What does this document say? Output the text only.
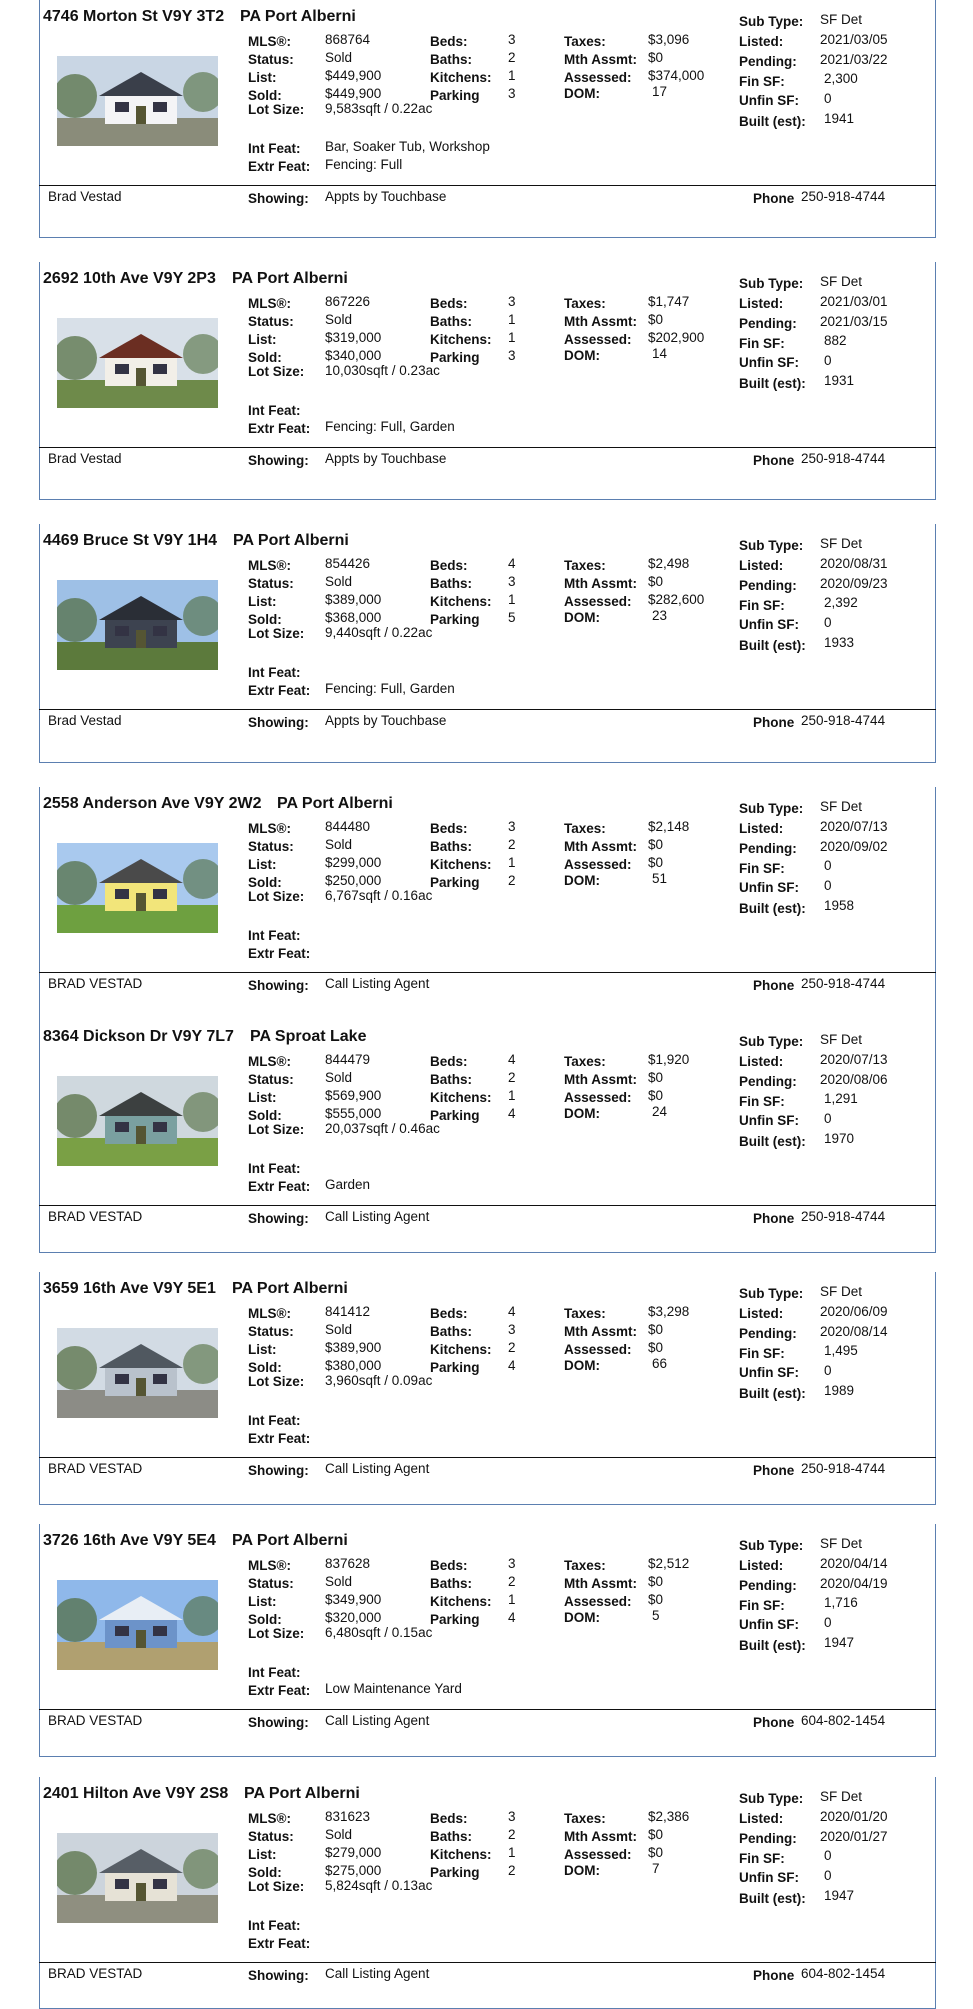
4746 Morton St V9Y 3T2
MLS®:	868764
Status: Sold
List:	$449,900
Sold:	$449,900
Lot Size: 9,583sqft / 0.22ac
Beds:	3
Baths:	2
Kitchens: 1
Parking 3
Taxes:	$3,096
Mth Assmt: $0
Assessed: $374,000
DOM:	17
Sub Type: SF Det
Listed:	2021/03/05
Pending: 2021/03/22
Fin SF:	2,300
Unfin SF: 0
Built (est): 1941
Int Feat: Bar, Soaker Tub, Workshop
Extr Feat: Fencing: Full
Brad Vestad	Showing: Appts by Touchbase	Phone 250-918-4744
PA Port Alberni
2692 10th Ave V9Y 2P3
MLS®:	867226
Status: Sold
List:	$319,000
Sold:	$340,000
Lot Size: 10,030sqft / 0.23ac
Beds:	3
Baths:	1
Kitchens: 1
Parking 3
Taxes:	$1,747
Mth Assmt: $0
Assessed: $202,900
DOM:	14
Sub Type: SF Det
Listed:	2021/03/01
Pending: 2021/03/15
Fin SF:	882
Unfin SF: 0
Built (est): 1931
Int Feat:
Extr Feat: Fencing: Full, Garden
Brad Vestad	Showing: Appts by Touchbase	Phone 250-918-4744
PA Port Alberni
4469 Bruce St V9Y 1H4
MLS®:	854426
Status: Sold
List:	$389,000
Sold:	$368,000
Lot Size: 9,440sqft / 0.22ac
Beds:	4
Baths:	3
Kitchens: 1
Parking 5
Taxes:	$2,498
Mth Assmt: $0
Assessed: $282,600
DOM:	23
Sub Type: SF Det
Listed:	2020/08/31
Pending: 2020/09/23
Fin SF:	2,392
Unfin SF: 0
Built (est): 1933
Int Feat:
Extr Feat: Fencing: Full, Garden
Brad Vestad	Showing: Appts by Touchbase	Phone 250-918-4744
PA Port Alberni
2558 Anderson Ave V9Y 2W2
MLS®:	844480
Status: Sold
List:	$299,000
Sold:	$250,000
Lot Size: 6,767sqft / 0.16ac
Beds:	3
Baths:	2
Kitchens: 1
Parking 2
Taxes:	$2,148
Mth Assmt: $0
Assessed: $0
DOM:	51
Sub Type: SF Det
Listed:	2020/07/13
Pending: 2020/09/02
Fin SF:	0
Unfin SF: 0
Built (est): 1958
Int Feat:
Extr Feat:
BRAD VESTAD	Showing: Call Listing Agent	Phone 250-918-4744
PA Port Alberni
8364 Dickson Dr V9Y 7L7
MLS®:	844479
Status: Sold
List:	$569,900
Sold:	$555,000
Lot Size: 20,037sqft / 0.46ac
Beds:	4
Baths:	2
Kitchens: 1
Parking 4
Taxes:	$1,920
Mth Assmt: $0
Assessed: $0
DOM:	24
Sub Type: SF Det
Listed:	2020/07/13
Pending: 2020/08/06
Fin SF:	1,291
Unfin SF: 0
Built (est): 1970
Int Feat:
Extr Feat: Garden
BRAD VESTAD	Showing: Call Listing Agent	Phone 250-918-4744
PA Sproat Lake
3659 16th Ave V9Y 5E1
MLS®:	841412
Status: Sold
List:	$389,900
Sold:	$380,000
Lot Size: 3,960sqft / 0.09ac
Beds:	4
Baths:	3
Kitchens: 2
Parking 4
Taxes:	$3,298
Mth Assmt: $0
Assessed: $0
DOM:	66
Sub Type: SF Det
Listed:	2020/06/09
Pending: 2020/08/14
Fin SF:	1,495
Unfin SF: 0
Built (est): 1989
Int Feat:
Extr Feat:
BRAD VESTAD	Showing: Call Listing Agent	Phone 250-918-4744
PA Port Alberni
3726 16th Ave V9Y 5E4
MLS®:	837628
Status: Sold
List:	$349,900
Sold:	$320,000
Lot Size: 6,480sqft / 0.15ac
Beds:	3
Baths:	2
Kitchens: 1
Parking 4
Taxes:	$2,512
Mth Assmt: $0
Assessed: $0
DOM:	5
Sub Type: SF Det
Listed:	2020/04/14
Pending: 2020/04/19
Fin SF:	1,716
Unfin SF: 0
Built (est): 1947
Int Feat:
Extr Feat: Low Maintenance Yard
BRAD VESTAD	Showing: Call Listing Agent	Phone 604-802-1454
PA Port Alberni
2401 Hilton Ave V9Y 2S8
MLS®:	831623
Status: Sold
List:	$279,000
Sold:	$275,000
Lot Size: 5,824sqft / 0.13ac
Beds:	3
Baths:	2
Kitchens: 1
Parking 2
Taxes:	$2,386
Mth Assmt: $0
Assessed: $0
DOM:	7
Sub Type: SF Det
Listed:	2020/01/20
Pending: 2020/01/27
Fin SF:	0
Unfin SF: 0
Built (est): 1947
Int Feat:
Extr Feat:
BRAD VESTAD	Showing: Call Listing Agent	Phone 604-802-1454
PA Port Alberni
